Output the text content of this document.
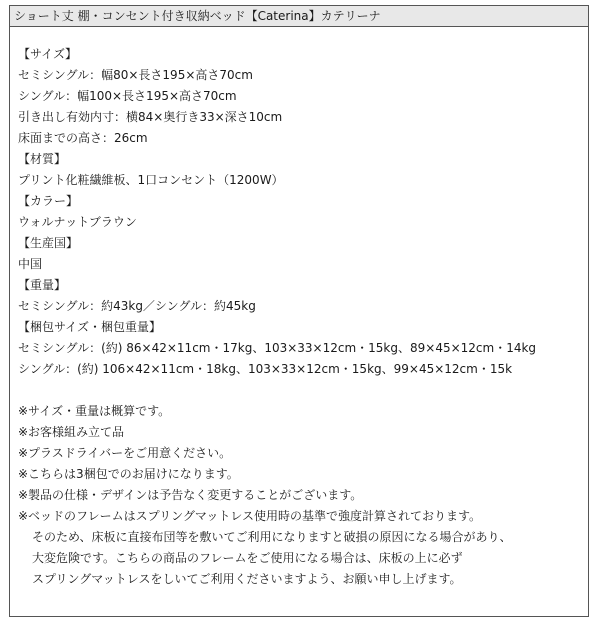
ショート丈 棚・コンセント付き収納ベッド【Caterina】カテリーナ
【サイズ】
セミシングル：幅80×長さ195×高さ70cm
シングル：幅100×長さ195×高さ70cm
引き出し有効内寸：横84×奥行き33×深さ10cm
床面までの高さ：26cm
【材質】
プリント化粧繊維板、1口コンセント（1200W）
【カラー】
ウォルナットブラウン
【生産国】
中国
【重量】
セミシングル：約43kg／シングル：約45kg
【梱包サイズ・梱包重量】
セミシングル：(約) 86×42×11cm・17kg、103×33×12cm・15kg、89×45×12cm・14kg
シングル：(約) 106×42×11cm・18kg、103×33×12cm・15kg、99×45×12cm・15k
※サイズ・重量は概算です。
※お客様組み立て品
※プラスドライバーをご用意ください。
※こちらは3梱包でのお届けになります。
※製品の仕様・デザインは予告なく変更することがございます。
※ベッドのフレームはスプリングマットレス使用時の基準で強度計算されております。
そのため、床板に直接布団等を敷いてご利用になりますと破損の原因になる場合があり、
大変危険です。こちらの商品のフレームをご使用になる場合は、床板の上に必ず
スプリングマットレスをしいてご利用くださいますよう、お願い申し上げます。
